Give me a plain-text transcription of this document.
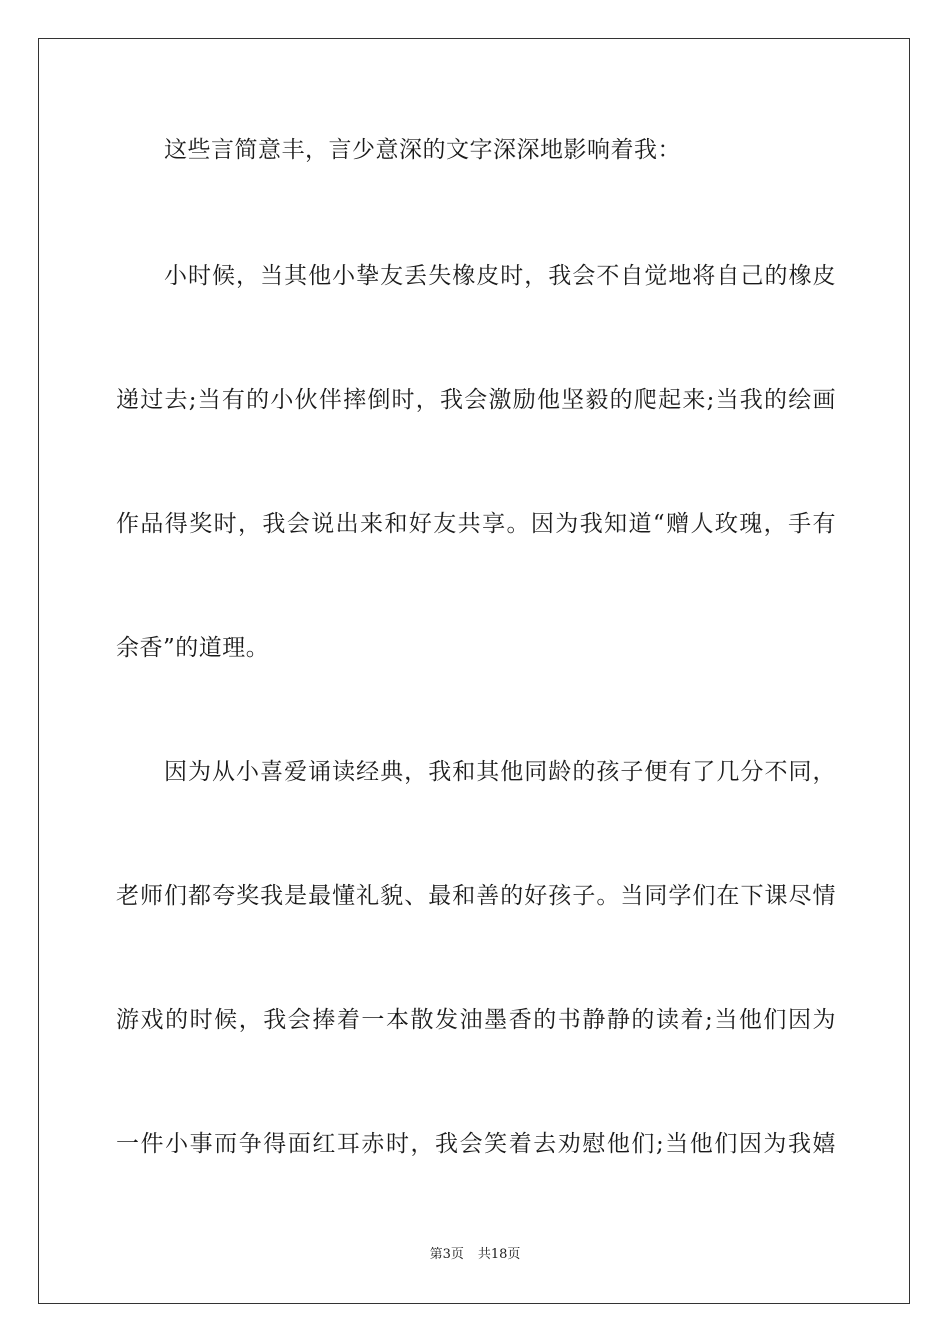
这些言简意丰，言少意深的文字深深地影响着我：
小时候，当其他小挚友丢失橡皮时，我会不自觉地将自己的橡皮
递过去;当有的小伙伴摔倒时，我会激励他坚毅的爬起来;当我的绘画
作品得奖时，我会说出来和好友共享。因为我知道“赠人玫瑰，手有
余香”的道理。
因为从小喜爱诵读经典，我和其他同龄的孩子便有了几分不同，
老师们都夸奖我是最懂礼貌、最和善的好孩子。当同学们在下课尽情
游戏的时候，我会捧着一本散发油墨香的书静静的读着;当他们因为
一件小事而争得面红耳赤时，我会笑着去劝慰他们;当他们因为我嬉
第3页 共18页
